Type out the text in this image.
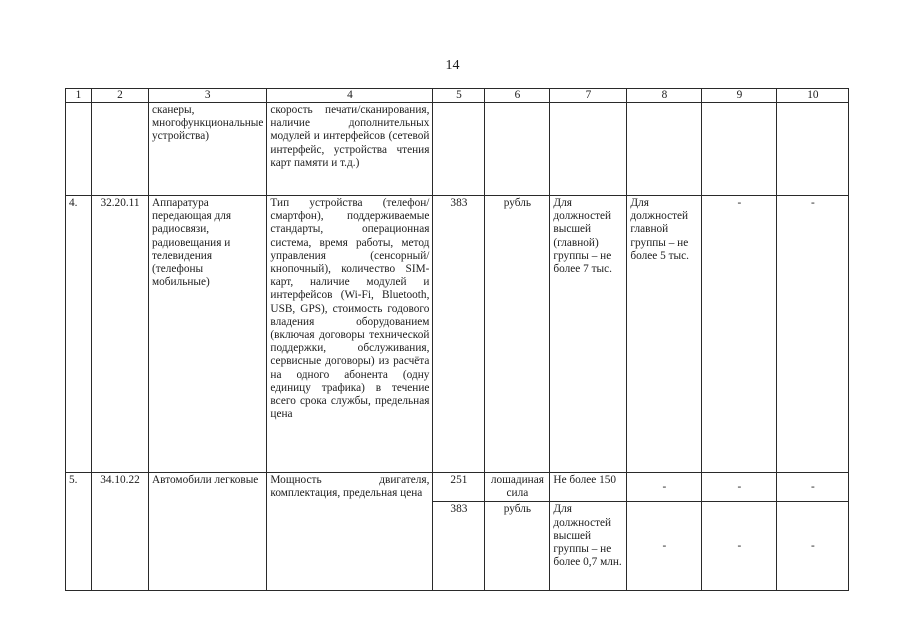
14
1	2	3	4	5	6	7	8	9	10
		сканеры, многофункциональные устройства)	скорость печати/сканирования, наличие дополнительных модулей и интерфейсов (сетевой интерфейс, устройства чтения карт памяти и т.д.)						
4.	32.20.11	Аппаратура передающая для радиосвязи, радиовещания и телевидения (телефоны мобильные)	Тип устройства (телефон/смартфон), поддерживаемые стандарты, операционная система, время работы, метод управления (сенсорный/кнопочный), количество SIM-карт, наличие модулей и интерфейсов (Wi-Fi, Bluetooth, USB, GPS), стоимость годового владения оборудованием (включая договоры технической поддержки, обслуживания, сервисные договоры) из расчёта на одного абонента (одну единицу трафика) в течение всего срока службы, предельная цена	383	рубль	Для должностей высшей (главной) группы – не более 7 тыс.	Для должностей главной группы – не более 5 тыс.	-	-
5.	34.10.22	Автомобили легковые	Мощность двигателя, комплектация, предельная цена	251	лошадиная сила	Не более 150	-	-	-
				383	рубль	Для должностей высшей группы – не более 0,7 млн.	-	-	-
